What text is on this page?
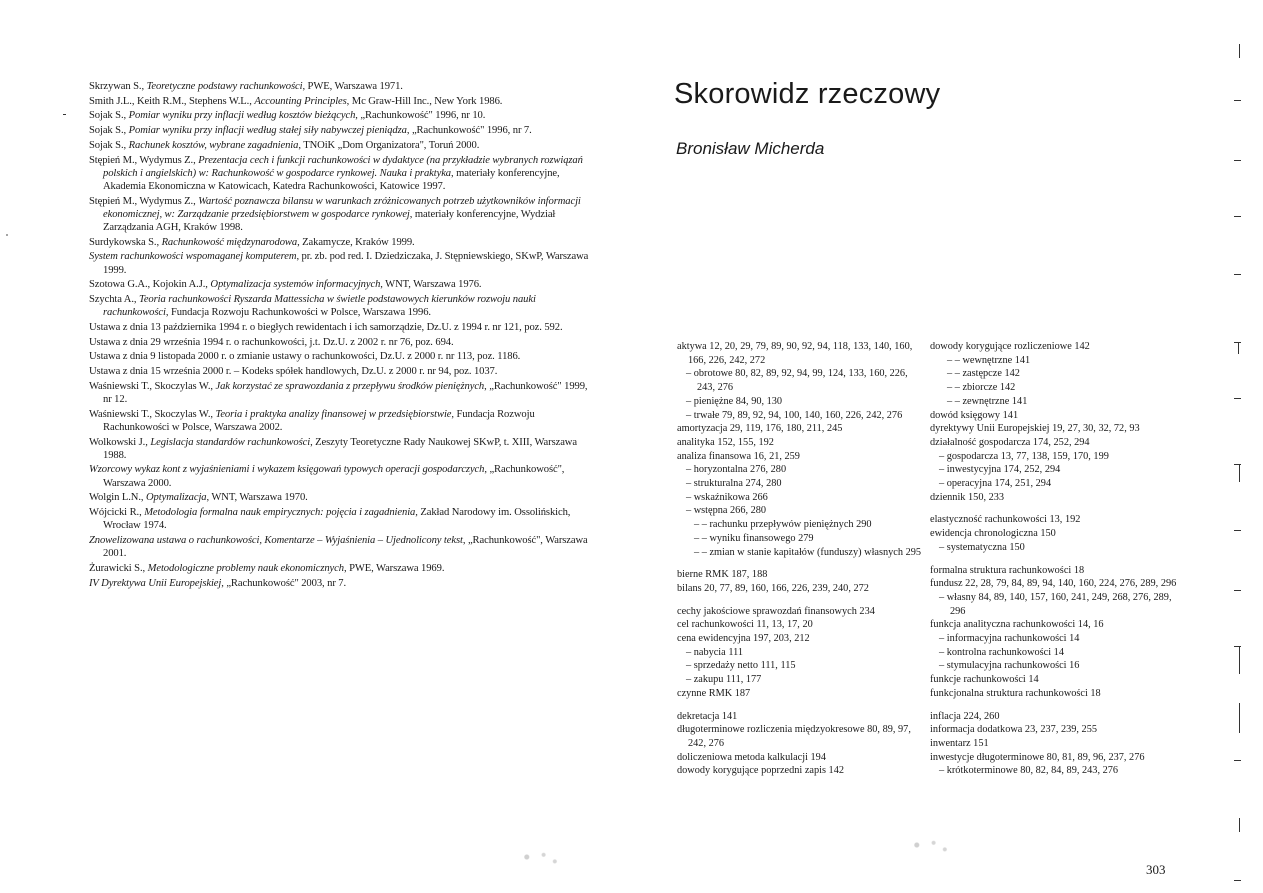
Skrzywan S., Teoretyczne podstawy rachunkowości, PWE, Warszawa 1971.
Smith J.L., Keith R.M., Stephens W.L., Accounting Principles, Mc Graw-Hill Inc., New York 1986.
Sojak S., Pomiar wyniku przy inflacji według kosztów bieżących, „Rachunkowość" 1996, nr 10.
Sojak S., Pomiar wyniku przy inflacji według stałej siły nabywczej pieniądza, „Rachunkowość" 1996, nr 7.
Sojak S., Rachunek kosztów, wybrane zagadnienia, TNOiK „Dom Organizatora", Toruń 2000.
Stępień M., Wydymus Z., Prezentacja cech i funkcji rachunkowości w dydaktyce (na przykładzie wybranych rozwiązań polskich i angielskich) w: Rachunkowość w gospodarce rynkowej. Nauka i praktyka, materiały konferencyjne, Akademia Ekonomiczna w Katowicach, Katedra Rachunkowości, Katowice 1997.
Stępień M., Wydymus Z., Wartość poznawcza bilansu w warunkach zróżnicowanych potrzeb użytkowników informacji ekonomicznej, w: Zarządzanie przedsiębiorstwem w gospodarce rynkowej, materiały konferencyjne, Wydział Zarządzania AGH, Kraków 1998.
Surdykowska S., Rachunkowość międzynarodowa, Zakamycze, Kraków 1999.
System rachunkowości wspomaganej komputerem, pr. zb. pod red. I. Dziedziczaka, J. Stępniewskiego, SKwP, Warszawa 1999.
Szotowa G.A., Kojokin A.J., Optymalizacja systemów informacyjnych, WNT, Warszawa 1976.
Szychta A., Teoria rachunkowości Ryszarda Mattessicha w świetle podstawowych kierunków rozwoju nauki rachunkowości, Fundacja Rozwoju Rachunkowości w Polsce, Warszawa 1996.
Ustawa z dnia 13 października 1994 r. o biegłych rewidentach i ich samorządzie, Dz.U. z 1994 r. nr 121, poz. 592.
Ustawa z dnia 29 września 1994 r. o rachunkowości, j.t. Dz.U. z 2002 r. nr 76, poz. 694.
Ustawa z dnia 9 listopada 2000 r. o zmianie ustawy o rachunkowości, Dz.U. z 2000 r. nr 113, poz. 1186.
Ustawa z dnia 15 września 2000 r. – Kodeks spółek handlowych, Dz.U. z 2000 r. nr 94, poz. 1037.
Waśniewski T., Skoczylas W., Jak korzystać ze sprawozdania z przepływu środków pieniężnych, „Rachunkowość" 1999, nr 12.
Waśniewski T., Skoczylas W., Teoria i praktyka analizy finansowej w przedsiębiorstwie, Fundacja Rozwoju Rachunkowości w Polsce, Warszawa 2002.
Wolkowski J., Legislacja standardów rachunkowości, Zeszyty Teoretyczne Rady Naukowej SKwP, t. XIII, Warszawa 1988.
Wzorcowy wykaz kont z wyjaśnieniami i wykazem księgowań typowych operacji gospodarczych, „Rachunkowość", Warszawa 2000.
Wolgin L.N., Optymalizacja, WNT, Warszawa 1970.
Wójcicki R., Metodologia formalna nauk empirycznych: pojęcia i zagadnienia, Zakład Narodowy im. Ossolińskich, Wrocław 1974.
Znowelizowana ustawa o rachunkowości, Komentarze – Wyjaśnienia – Ujednolicony tekst, „Rachunkowość", Warszawa 2001.
Żurawicki S., Metodologiczne problemy nauk ekonomicznych, PWE, Warszawa 1969.
IV Dyrektywa Unii Europejskiej, „Rachunkowość" 2003, nr 7.
Skorowidz rzeczowy
Bronisław Micherda
aktywa 12, 20, 29, 79, 89, 90, 92, 94, 118, 133, 140, 160, 166, 226, 242, 272
– obrotowe 80, 82, 89, 92, 94, 99, 124, 133, 160, 226, 243, 276
– pieniężne 84, 90, 130
– trwałe 79, 89, 92, 94, 100, 140, 160, 226, 242, 276
amortyzacja 29, 119, 176, 180, 211, 245
analityka 152, 155, 192
analiza finansowa 16, 21, 259
– horyzontalna 276, 280
– strukturalna 274, 280
– wskaźnikowa 266
– wstępna 266, 280
– – rachunku przepływów pieniężnych 290
– – wyniku finansowego 279
– – zmian w stanie kapitałów (funduszy) własnych 295
bierne RMK 187, 188
bilans 20, 77, 89, 160, 166, 226, 239, 240, 272
cechy jakościowe sprawozdań finansowych 234
cel rachunkowości 11, 13, 17, 20
cena ewidencyjna 197, 203, 212
– nabycia 111
– sprzedaży netto 111, 115
– zakupu 111, 177
czynne RMK 187
dekretacja 141
długoterminowe rozliczenia międzyokresowe 80, 89, 97, 242, 276
doliczeniowa metoda kalkulacji 194
dowody korygujące poprzedni zapis 142
dowody korygujące rozliczeniowe 142
– – wewnętrzne 141
– – zastępcze 142
– – zbiorcze 142
– – zewnętrzne 141
dowód księgowy 141
dyrektywy Unii Europejskiej 19, 27, 30, 32, 72, 93
działalność gospodarcza 174, 252, 294
– gospodarcza 13, 77, 138, 159, 170, 199
– inwestycyjna 174, 252, 294
– operacyjna 174, 251, 294
dziennik 150, 233
elastyczność rachunkowości 13, 192
ewidencja chronologiczna 150
– systematyczna 150
formalna struktura rachunkowości 18
fundusz 22, 28, 79, 84, 89, 94, 140, 160, 224, 276, 289, 296
– własny 84, 89, 140, 157, 160, 241, 249, 268, 276, 289, 296
funkcja analityczna rachunkowości 14, 16
– informacyjna rachunkowości 14
– kontrolna rachunkowości 14
– stymulacyjna rachunkowości 16
funkcje rachunkowości 14
funkcjonalna struktura rachunkowości 18
inflacja 224, 260
informacja dodatkowa 23, 237, 239, 255
inwentarz 151
inwestycje długoterminowe 80, 81, 89, 96, 237, 276
– krótkoterminowe 80, 82, 84, 89, 243, 276
303
